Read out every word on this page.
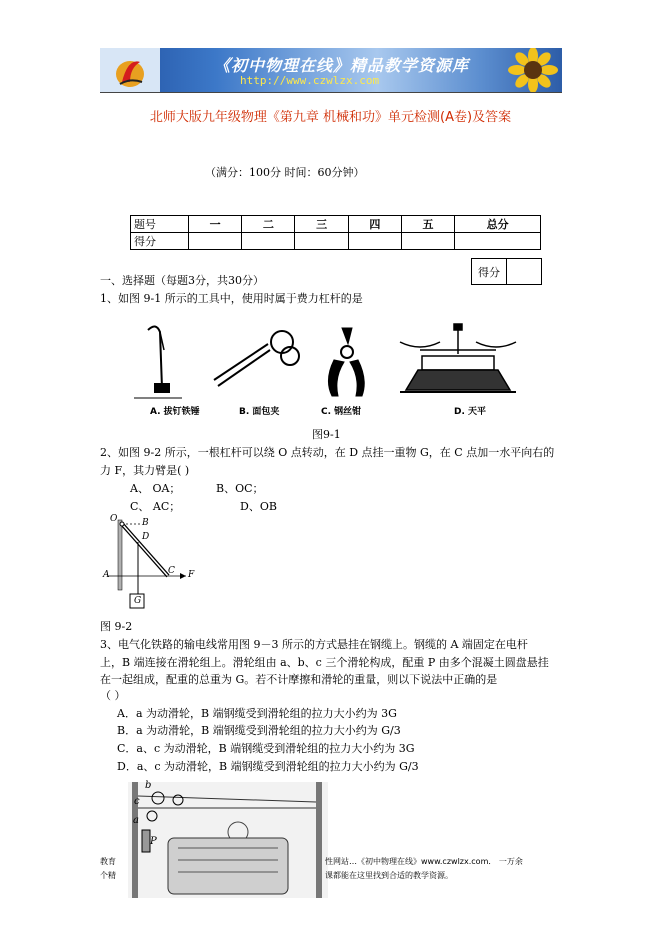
《初中物理在线》精品教学资源库
http://www.czwlzx.com
北师大版九年级物理《第九章 机械和功》单元检测(A卷)及答案
（满分：100分 时间：60分钟）
题号	一	二	三	四	五	总分
得分						
得分
一、选择题（每题3分，共30分）
1、如图 9-1 所示的工具中，使用时属于费力杠杆的是
A. 拔钉铁锤	B. 面包夹	C. 钢丝钳	D. 天平
图9-1
2、如图 9-2 所示，一根杠杆可以绕 O 点转动，在 D 点挂一重物 G，在 C 点加一水平向右的
力 F，其力臂是( )
A、 OA；	B、OC；
C、 AC；	D、OB
O	B
D
A	C F
G
图 9-2
3、电气化铁路的输电线常用图 9－3 所示的方式悬挂在钢缆上。钢缆的 A 端固定在电杆
上，B 端连接在滑轮组上。滑轮组由 a、b、c 三个滑轮构成，配重 P 由多个混凝土圆盘悬挂
在一起组成，配重的总重为 G。若不计摩擦和滑轮的重量，则以下说法中正确的是
（ ）
A．a 为动滑轮，B 端钢缆受到滑轮组的拉力大小约为 3G
B．a 为动滑轮，B 端钢缆受到滑轮组的拉力大小约为 G/3
C．a、c 为动滑轮，B 端钢缆受到滑轮组的拉力大小约为 3G
D．a、c 为动滑轮，B 端钢缆受到滑轮组的拉力大小约为 G/3
b
c
a
P
教育
个精
性网站…《初中物理在线》www.czwlzx.com． 一万余
课都能在这里找到合适的教学资源。
